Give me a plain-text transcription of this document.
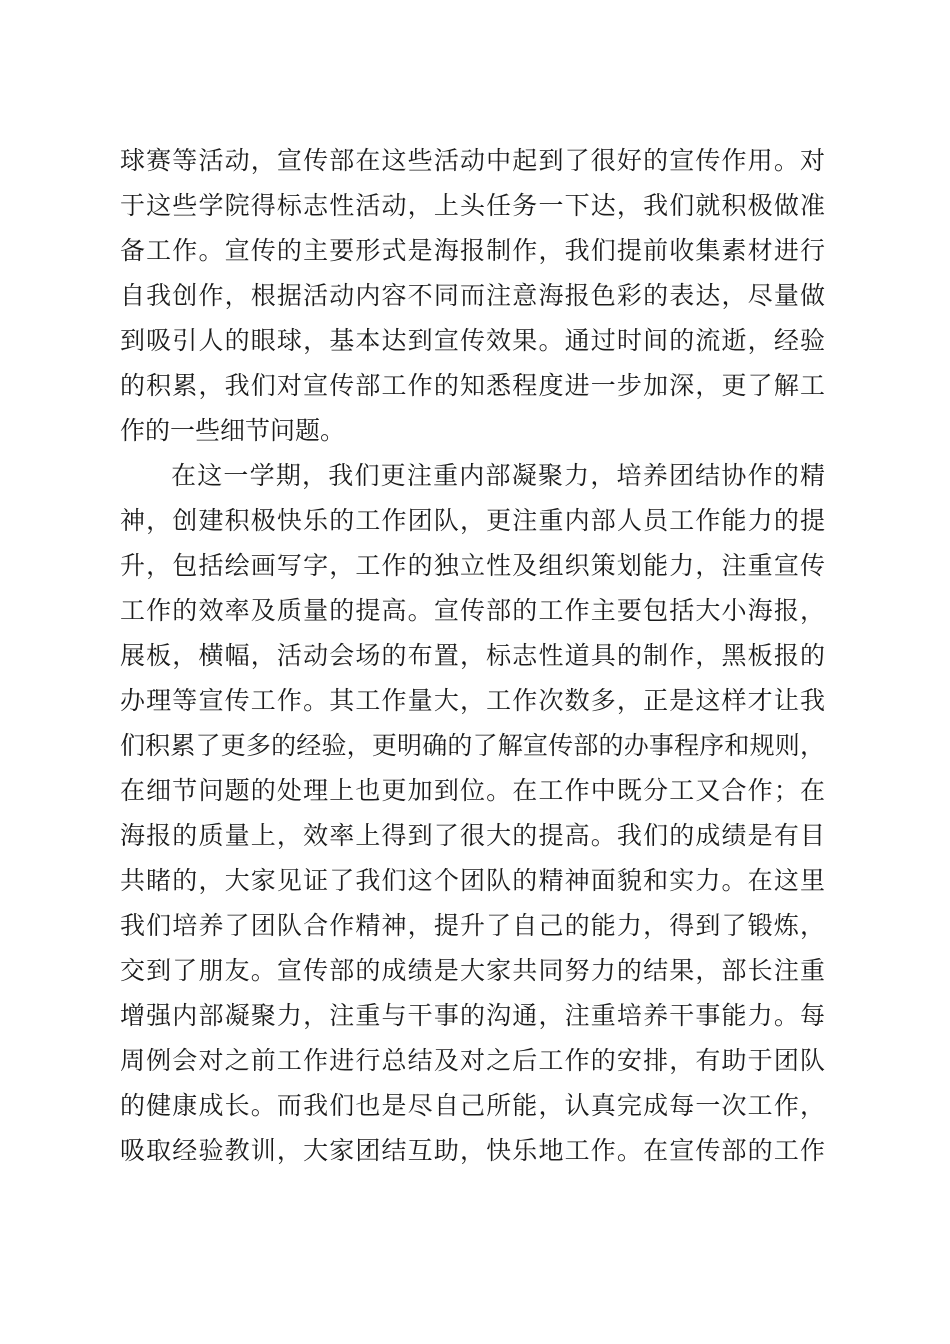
球赛等活动，宣传部在这些活动中起到了很好的宣传作用。对
于这些学院得标志性活动，上头任务一下达，我们就积极做准
备工作。宣传的主要形式是海报制作，我们提前收集素材进行
自我创作，根据活动内容不同而注意海报色彩的表达，尽量做
到吸引人的眼球，基本达到宣传效果。通过时间的流逝，经验
的积累，我们对宣传部工作的知悉程度进一步加深，更了解工
作的一些细节问题。
在这一学期，我们更注重内部凝聚力，培养团结协作的精
神，创建积极快乐的工作团队，更注重内部人员工作能力的提
升，包括绘画写字，工作的独立性及组织策划能力，注重宣传
工作的效率及质量的提高。宣传部的工作主要包括大小海报，
展板，横幅，活动会场的布置，标志性道具的制作，黑板报的
办理等宣传工作。其工作量大，工作次数多，正是这样才让我
们积累了更多的经验，更明确的了解宣传部的办事程序和规则，
在细节问题的处理上也更加到位。在工作中既分工又合作；在
海报的质量上，效率上得到了很大的提高。我们的成绩是有目
共睹的，大家见证了我们这个团队的精神面貌和实力。在这里
我们培养了团队合作精神，提升了自己的能力，得到了锻炼，
交到了朋友。宣传部的成绩是大家共同努力的结果，部长注重
增强内部凝聚力，注重与干事的沟通，注重培养干事能力。每
周例会对之前工作进行总结及对之后工作的安排，有助于团队
的健康成长。而我们也是尽自己所能，认真完成每一次工作，
吸取经验教训，大家团结互助，快乐地工作。在宣传部的工作
